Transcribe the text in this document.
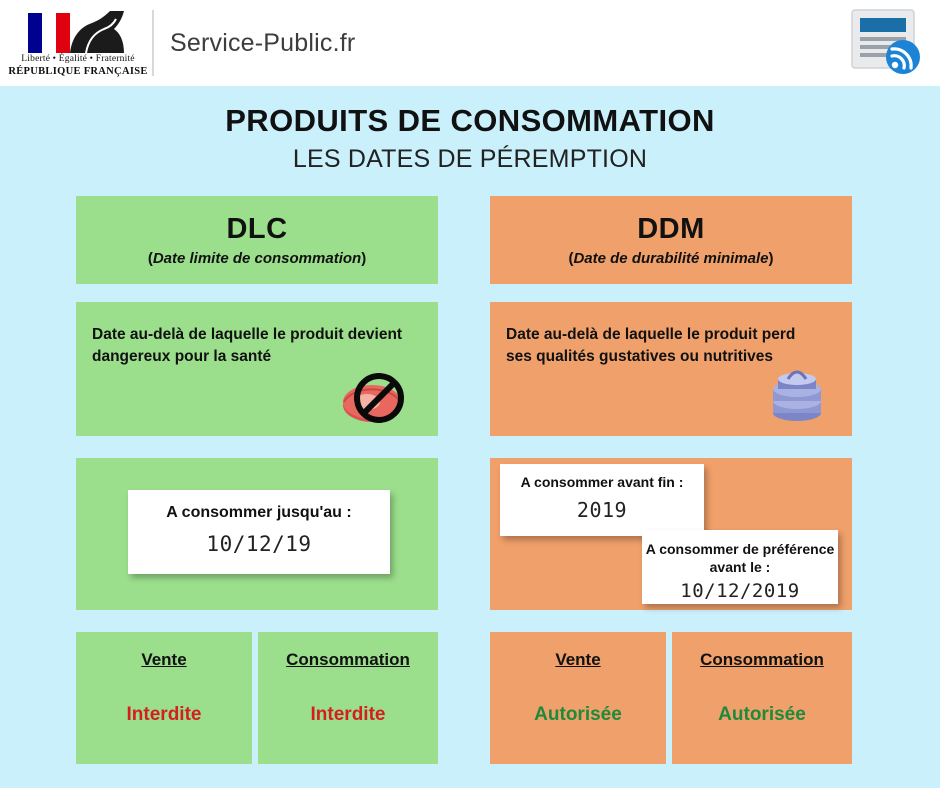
Liberté • Égalité • Fraternité
RÉPUBLIQUE FRANÇAISE
Service-Public.fr
PRODUITS DE CONSOMMATION
LES DATES DE PÉREMPTION
DLC
(Date limite de consommation)
Date au-delà de laquelle le produit devient dangereux pour la santé
A consommer jusqu'au :
10/12/19
Vente
Interdite
Consommation
Interdite
DDM
(Date de durabilité minimale)
Date au-delà de laquelle le produit perd ses qualités gustatives ou nutritives
A consommer avant fin :
2019
A consommer de préférence avant le :
10/12/2019
Vente
Autorisée
Consommation
Autorisée
